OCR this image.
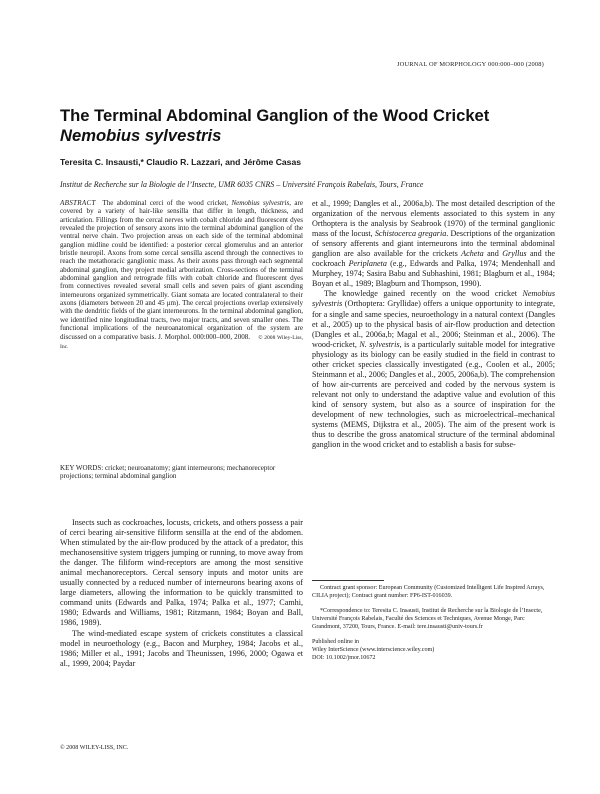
JOURNAL OF MORPHOLOGY 000:000–000 (2008)
The Terminal Abdominal Ganglion of the Wood Cricket
Nemobius sylvestris

Teresita C. Insausti,* Claudio R. Lazzari, and Jérôme Casas

Institut de Recherche sur la Biologie de l’Insecte, UMR 6035 CNRS – Université François Rabelais, Tours, France

ABSTRACT The abdominal cerci of the wood cricket, Nemobius sylvestris, are covered by a variety of hair-like sensilla that differ in length, thickness, and articulation. Fillings from the cercal nerves with cobalt chloride and fluorescent dyes revealed the projection of sensory axons into the terminal abdominal ganglion of the ventral nerve chain. Two projection areas on each side of the terminal abdominal ganglion midline could be identified: a posterior cercal glomerulus and an anterior bristle neuropil. Axons from some cercal sensilla ascend through the connectives to reach the metathoracic ganglionic mass. As their axons pass through each segmental abdominal ganglion, they project medial arborization. Cross-sections of the terminal abdominal ganglion and retrograde fills with cobalt chloride and fluorescent dyes from connectives revealed several small cells and seven pairs of giant ascending interneurons organized symmetrically. Giant somata are located contralateral to their axons (diameters between 20 and 45 μm). The cercal projections overlap extensively with the dendritic fields of the giant interneurons. In the terminal abdominal ganglion, we identified nine longitudinal tracts, two major tracts, and seven smaller ones. The functional implications of the neuroanatomical organization of the system are discussed on a comparative basis. J. Morphol. 000:000–000, 2008. © 2008 Wiley-Liss, Inc.

KEY WORDS: cricket; neuroanatomy; giant interneurons; mechanoreceptor projections; terminal abdominal ganglion

Insects such as cockroaches, locusts, crickets, and others possess a pair of cerci bearing air-sensitive filiform sensilla at the end of the abdomen. When stimulated by the air-flow produced by the attack of a predator, this mechanosensitive system triggers jumping or running, to move away from the danger. The filiform wind-receptors are among the most sensitive animal mechanoreceptors. Cercal sensory inputs and motor units are usually connected by a reduced number of interneurons bearing axons of large diameters, allowing the information to be quickly transmitted to command units (Edwards and Palka, 1974; Palka et al., 1977; Camhi, 1980; Edwards and Williams, 1981; Ritzmann, 1984; Boyan and Ball, 1986, 1989).

The wind-mediated escape system of crickets constitutes a classical model in neuroethology (e.g., Bacon and Murphey, 1984; Jacobs et al., 1986; Miller et al., 1991; Jacobs and Theunissen, 1996, 2000; Ogawa et al., 1999, 2004; Paydar

et al., 1999; Dangles et al., 2006a,b). The most detailed description of the organization of the nervous elements associated to this system in any Orthoptera is the analysis by Seabrook (1970) of the terminal ganglionic mass of the locust, Schistocerca gregaria. Descriptions of the organization of sensory afferents and giant interneurons into the terminal abdominal ganglion are also available for the crickets Acheta and Gryllus and the cockroach Periplaneta (e.g., Edwards and Palka, 1974; Mendenhall and Murphey, 1974; Sasira Babu and Subhashini, 1981; Blagburn et al., 1984; Boyan et al., 1989; Blagburn and Thompson, 1990).

The knowledge gained recently on the wood cricket Nemobius sylvestris (Orthoptera: Gryllidae) offers a unique opportunity to integrate, for a single and same species, neuroethology in a natural context (Dangles et al., 2005) up to the physical basis of air-flow production and detection (Dangles et al., 2006a,b; Magal et al., 2006; Steinman et al., 2006). The wood-cricket, N. sylvestris, is a particularly suitable model for integrative physiology as its biology can be easily studied in the field in contrast to other cricket species classically investigated (e.g., Coolen et al., 2005; Steinmann et al., 2006; Dangles et al., 2005, 2006a,b). The comprehension of how air-currents are perceived and coded by the nervous system is relevant not only to understand the adaptive value and evolution of this kind of sensory system, but also as a source of inspiration for the development of new technologies, such as microelectrical–mechanical systems (MEMS, Dijkstra et al., 2005). The aim of the present work is thus to describe the gross anatomical structure of the terminal abdominal ganglion in the wood cricket and to establish a basis for subse-

Contract grant sponsor: European Community (Customized Intelligent Life Inspired Arrays, CILIA project); Contract grant number: FP6-IST-016039.

*Correspondence to: Teresita C. Insausti, Institut de Recherche sur la Biologie de l’Insecte, Université François Rabelais, Faculté des Sciences et Techniques, Avenue Monge, Parc Grandmont, 37200, Tours, France. E-mail: tere.insausti@univ-tours.fr

Published online in
Wiley InterScience (www.interscience.wiley.com)
DOI: 10.1002/jmor.10672

© 2008 WILEY-LISS, INC.
